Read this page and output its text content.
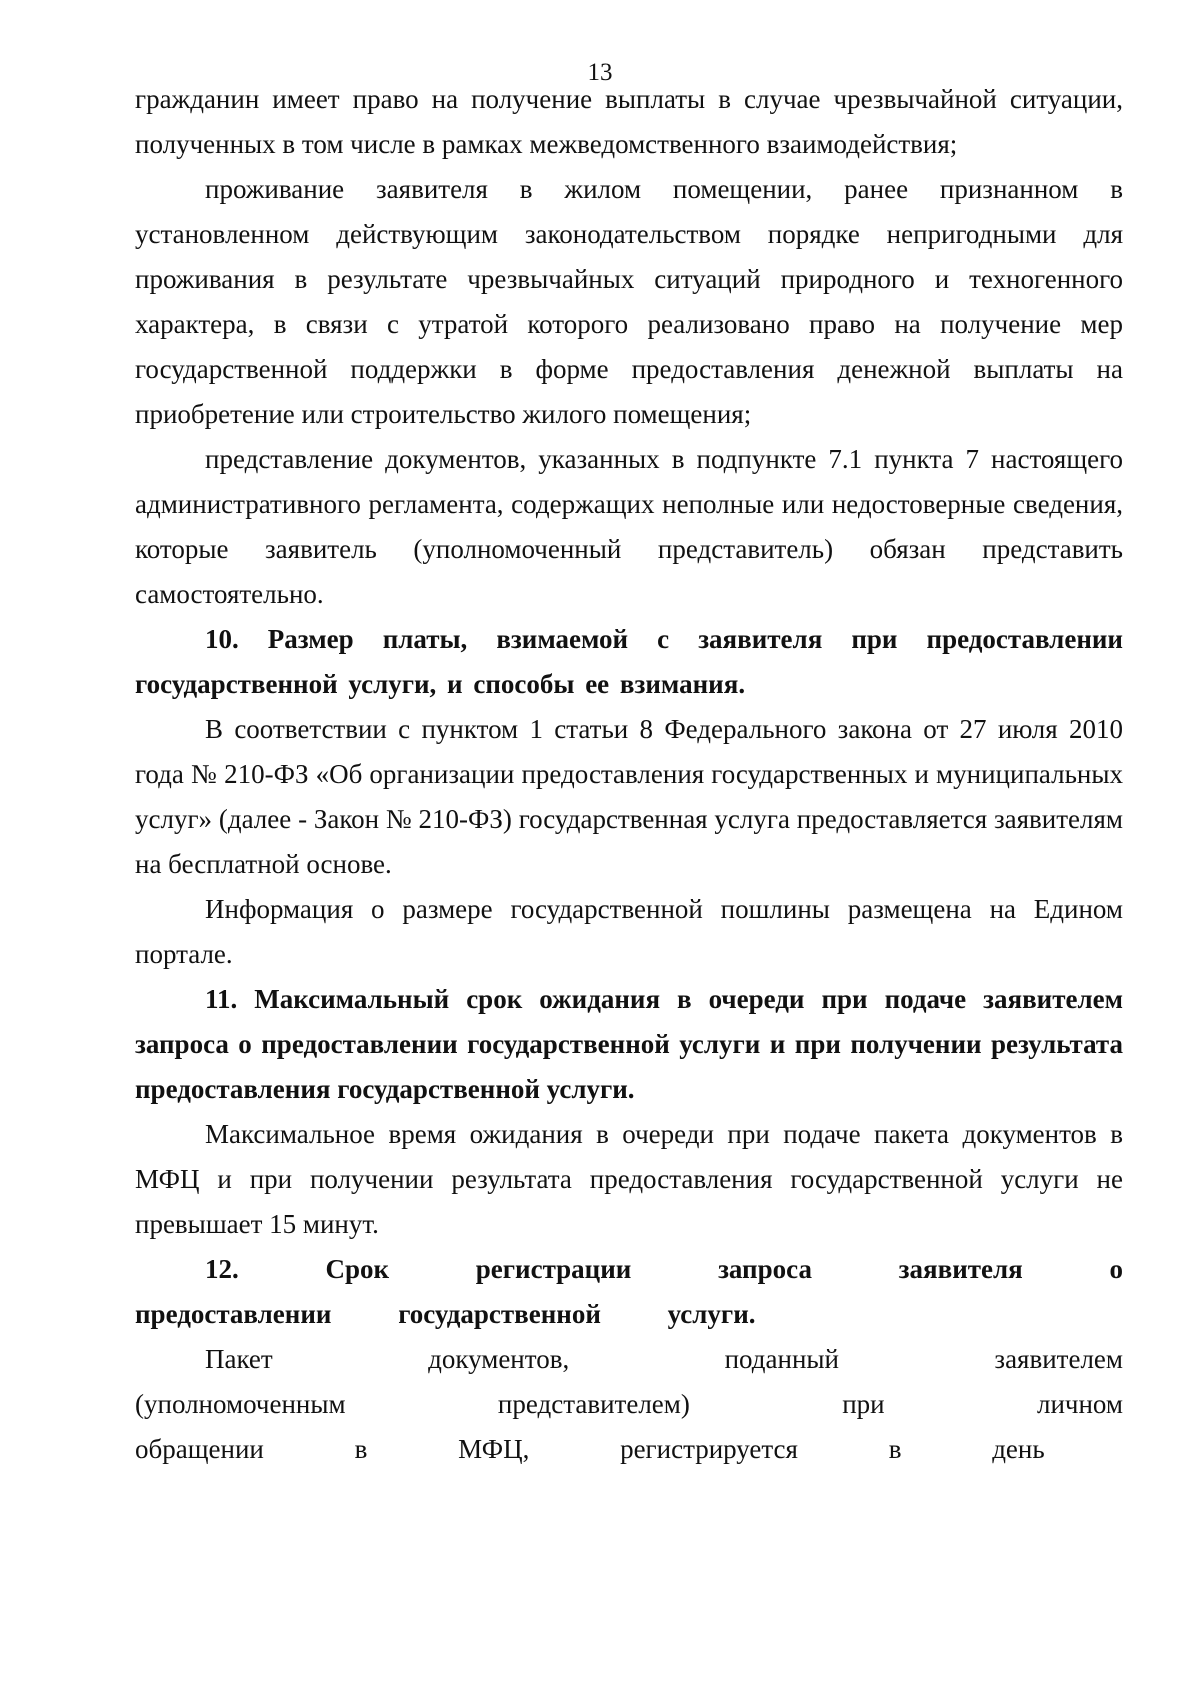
13

гражданин имеет право на получение выплаты в случае чрезвычайной ситуации, полученных в том числе в рамках межведомственного взаимодействия;

проживание заявителя в жилом помещении, ранее признанном в установленном действующим законодательством порядке непригодными для проживания в результате чрезвычайных ситуаций природного и техногенного характера, в связи с утратой которого реализовано право на получение мер государственной поддержки в форме предоставления денежной выплаты на приобретение или строительство жилого помещения;

представление документов, указанных в подпункте 7.1 пункта 7 настоящего административного регламента, содержащих неполные или недостоверные сведения, которые заявитель (уполномоченный представитель) обязан представить самостоятельно.

10. Размер платы, взимаемой с заявителя при предоставлении государственной услуги, и способы ее взимания.

В соответствии с пунктом 1 статьи 8 Федерального закона от 27 июля 2010 года № 210-ФЗ «Об организации предоставления государственных и муниципальных услуг» (далее - Закон № 210-ФЗ) государственная услуга предоставляется заявителям на бесплатной основе.

Информация о размере государственной пошлины размещена на Едином портале.

11. Максимальный срок ожидания в очереди при подаче заявителем запроса о предоставлении государственной услуги и при получении результата предоставления государственной услуги.

Максимальное время ожидания в очереди при подаче пакета документов в МФЦ и при получении результата предоставления государственной услуги не превышает 15 минут.

12. Срок регистрации запроса заявителя о предоставлении государственной услуги.

Пакет документов, поданный заявителем (уполномоченным представителем) при личном обращении в МФЦ, регистрируется в день
